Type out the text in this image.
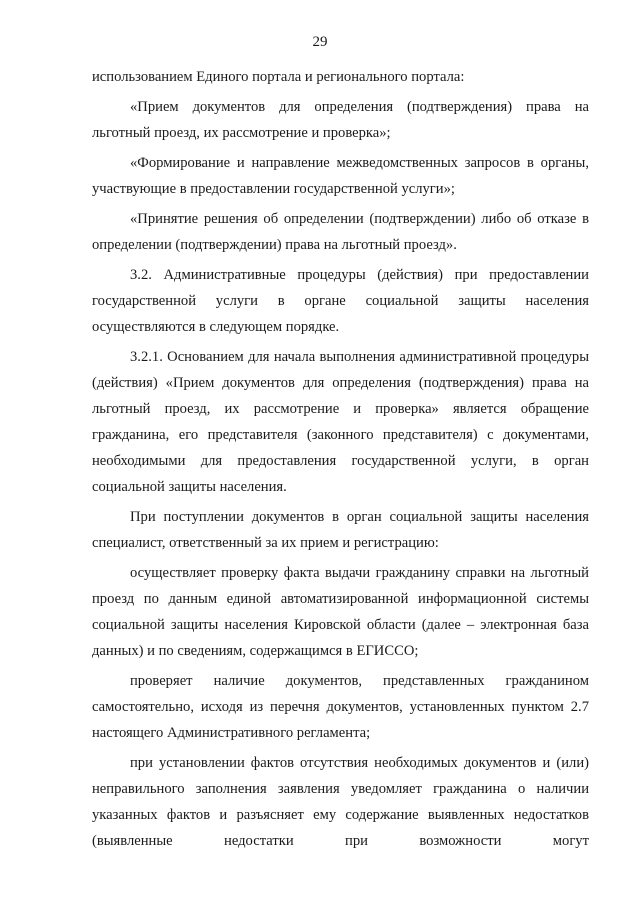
29

использованием Единого портала и регионального портала:

«Прием документов для определения (подтверждения) права на льготный проезд, их рассмотрение и проверка»;

«Формирование и направление межведомственных запросов в органы, участвующие в предоставлении государственной услуги»;

«Принятие решения об определении (подтверждении) либо об отказе в определении (подтверждении) права на льготный проезд».

3.2. Административные процедуры (действия) при предоставлении государственной услуги в органе социальной защиты населения осуществляются в следующем порядке.

3.2.1. Основанием для начала выполнения административной процедуры (действия) «Прием документов для определения (подтверждения) права на льготный проезд, их рассмотрение и проверка» является обращение гражданина, его представителя (законного представителя) с документами, необходимыми для предоставления государственной услуги, в орган социальной защиты населения.

При поступлении документов в орган социальной защиты населения специалист, ответственный за их прием и регистрацию:

осуществляет проверку факта выдачи гражданину справки на льготный проезд по данным единой автоматизированной информационной системы социальной защиты населения Кировской области (далее – электронная база данных) и по сведениям, содержащимся в ЕГИССО;

проверяет наличие документов, представленных гражданином самостоятельно, исходя из перечня документов, установленных пунктом 2.7 настоящего Административного регламента;

при установлении фактов отсутствия необходимых документов и (или) неправильного заполнения заявления уведомляет гражданина о наличии указанных фактов и разъясняет ему содержание выявленных недостатков (выявленные недостатки при возможности могут
